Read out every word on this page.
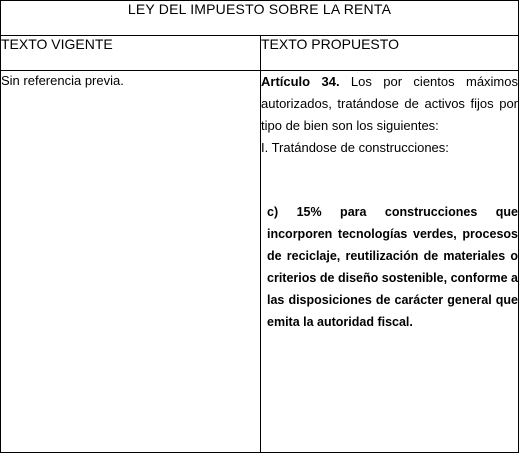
LEY DEL IMPUESTO SOBRE LA RENTA	
TEXTO VIGENTE	TEXTO PROPUESTO

Sin referencia previa.	Artículo 34. Los por cientos máximos autorizados, tratándose de activos fijos por tipo de bien son los siguientes:

I. Tratándose de construcciones:

c) 15% para construcciones que incorporen tecnologías verdes, procesos de reciclaje, reutilización de materiales o criterios de diseño sostenible, conforme a las disposiciones de carácter general que emita la autoridad fiscal.
